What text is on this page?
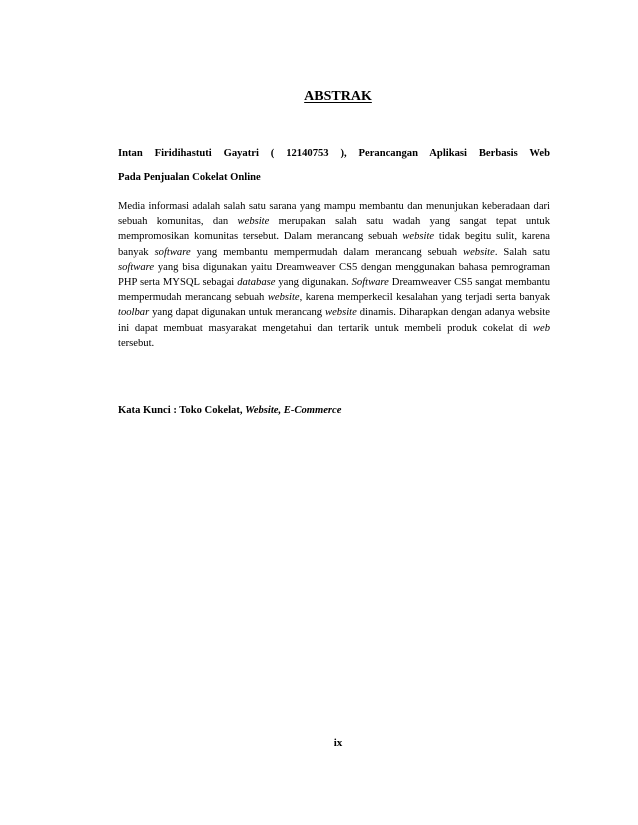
ABSTRAK
Intan Firidihastuti Gayatri ( 12140753 ), Perancangan Aplikasi Berbasis Web
Pada Penjualan Cokelat Online

Media informasi adalah salah satu sarana yang mampu membantu dan menunjukan keberadaan dari sebuah komunitas, dan website merupakan salah satu wadah yang sangat tepat untuk mempromosikan komunitas tersebut. Dalam merancang sebuah website tidak begitu sulit, karena banyak software yang membantu mempermudah dalam merancang sebuah website. Salah satu software yang bisa digunakan yaitu Dreamweaver CS5 dengan menggunakan bahasa pemrograman PHP serta MYSQL sebagai database yang digunakan. Software Dreamweaver CS5 sangat membantu mempermudah merancang sebuah website, karena memperkecil kesalahan yang terjadi serta banyak toolbar yang dapat digunakan untuk merancang website dinamis. Diharapkan dengan adanya website ini dapat membuat masyarakat mengetahui dan tertarik untuk membeli produk cokelat di web tersebut.

Kata Kunci : Toko Cokelat, Website, E-Commerce
ix
